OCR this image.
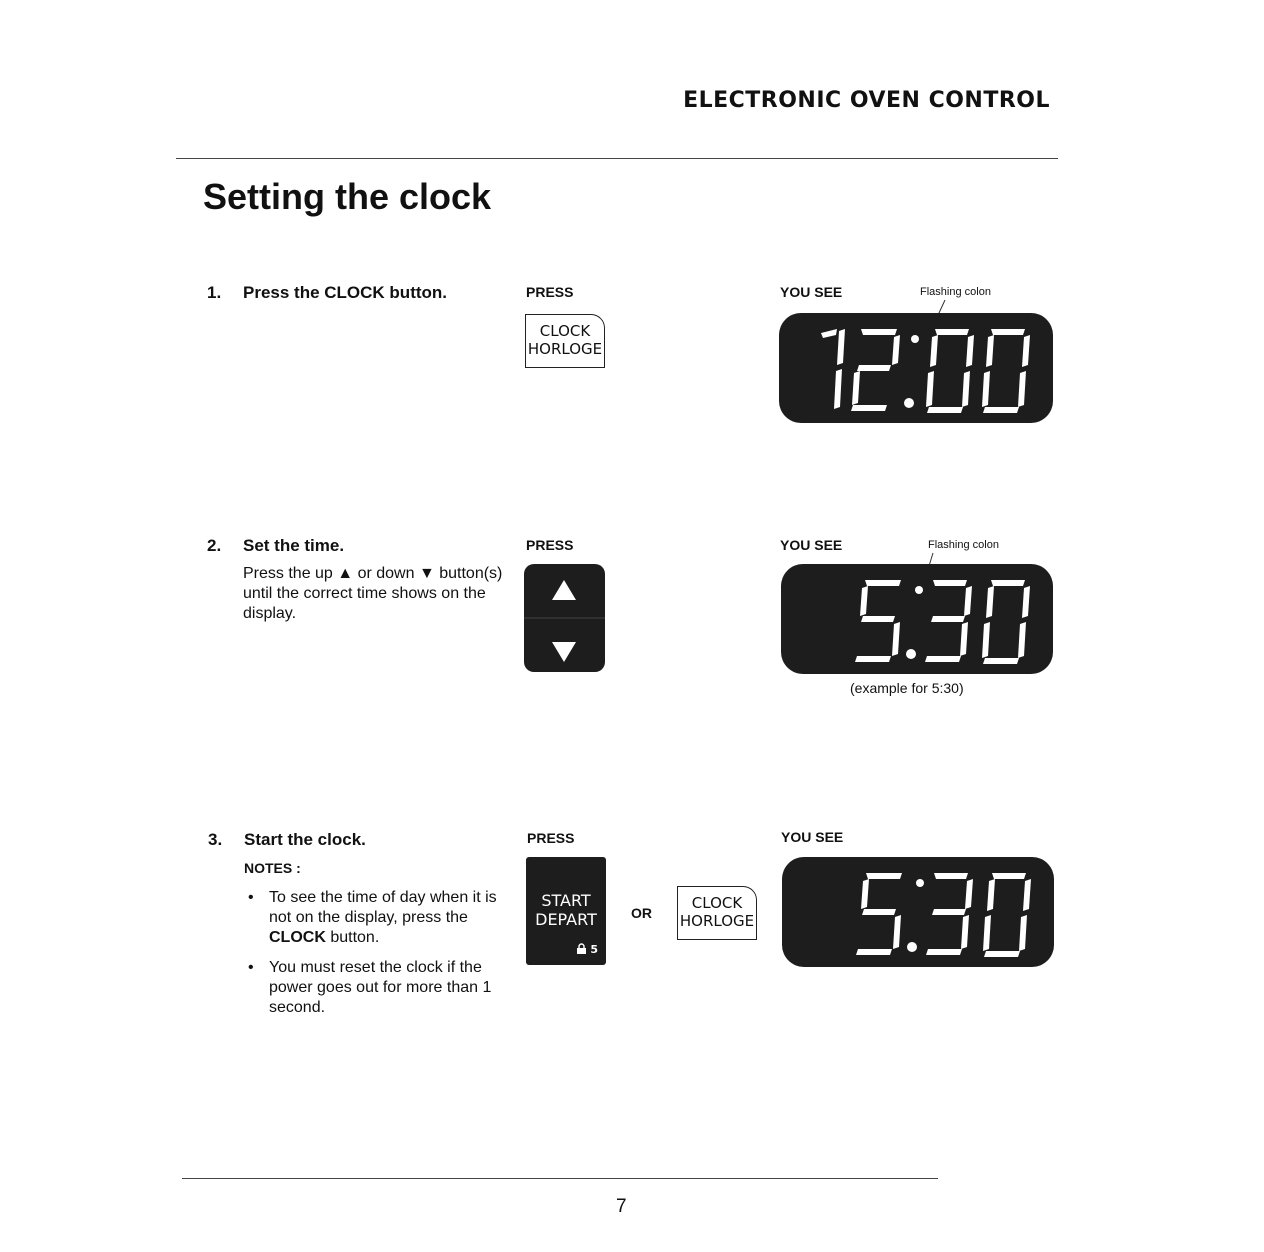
ELECTRONIC OVEN CONTROL
Setting the clock
1. Press the CLOCK button.	PRESS
CLOCK
HORLOGE
YOU SEE	Flashing colon
2. Set the time.
Press the up ▲ or down ▼ button(s) until the correct time shows on the display.
PRESS	YOU SEE	Flashing colon
(example for 5:30)
3. Start the clock.
NOTES :
• To see the time of day when it is not on the display, press the CLOCK button.
• You must reset the clock if the power goes out for more than 1 second.
PRESS
START
DEPART
5
OR
CLOCK
HORLOGE
YOU SEE
7
